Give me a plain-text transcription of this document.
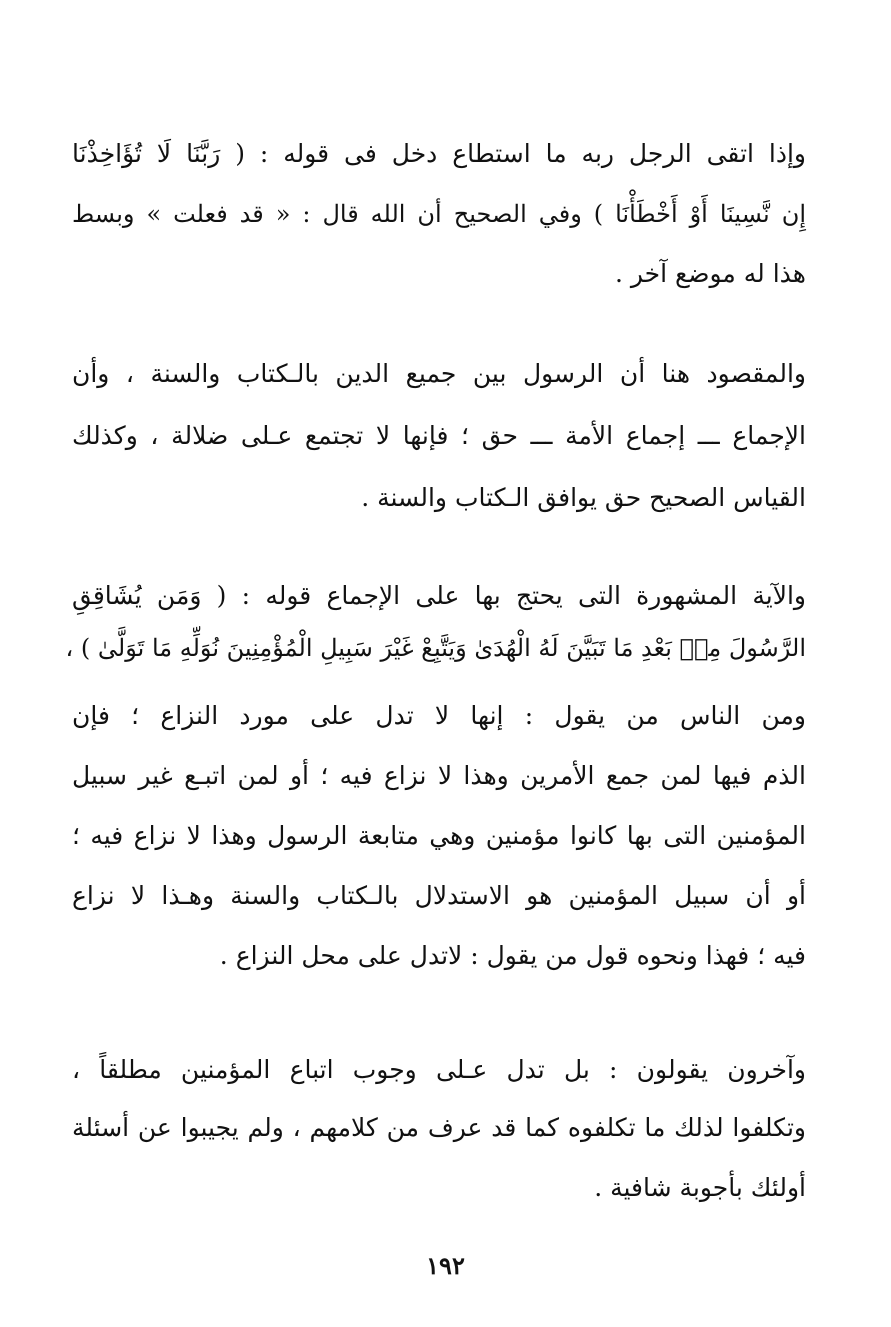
وإذا اتقى الرجل ربه ما استطاع دخل فى قوله : ( رَبَّنَا لَا تُؤَاخِذْنَا
إِن نَّسِينَا أَوْ أَخْطَأْنَا ) وفي الصحيح أن الله قال : « قد فعلت » وبسط
هذا له موضع آخر .
والمقصود هنا أن الرسول بين جميع الدين بالـكتاب والسنة ، وأن
الإجماع ـــ إجماع الأمة ـــ حق ؛ فإنها لا تجتمع عـلى ضلالة ، وكذلك
القياس الصحيح حق يوافق الـكتاب والسنة .
والآية المشهورة التى يحتج بها على الإجماع قوله : ( وَمَن يُشَاقِقِ
الرَّسُولَ مِنۢ بَعْدِ مَا تَبَيَّنَ لَهُ الْهُدَىٰ وَيَتَّبِعْ غَيْرَ سَبِيلِ الْمُؤْمِنِينَ نُوَلِّهِ مَا تَوَلَّىٰ ) ،
ومن الناس من يقول : إنها لا تدل على مورد النزاع ؛ فإن
الذم فيها لمن جمع الأمرين وهذا لا نزاع فيه ؛ أو لمن اتبـع غير سبيل
المؤمنين التى بها كانوا مؤمنين وهي متابعة الرسول وهذا لا نزاع فيه ؛
أو أن سبيل المؤمنين هو الاستدلال بالـكتاب والسنة وهـذا لا نزاع
فيه ؛ فهذا ونحوه قول من يقول : لاتدل على محل النزاع .
وآخرون يقولون : بل تدل عـلى وجوب اتباع المؤمنين مطلقاً ،
وتكلفوا لذلك ما تكلفوه كما قد عرف من كلامهم ، ولم يجيبوا عن أسئلة
أولئك بأجوبة شافية .
١٩٢
